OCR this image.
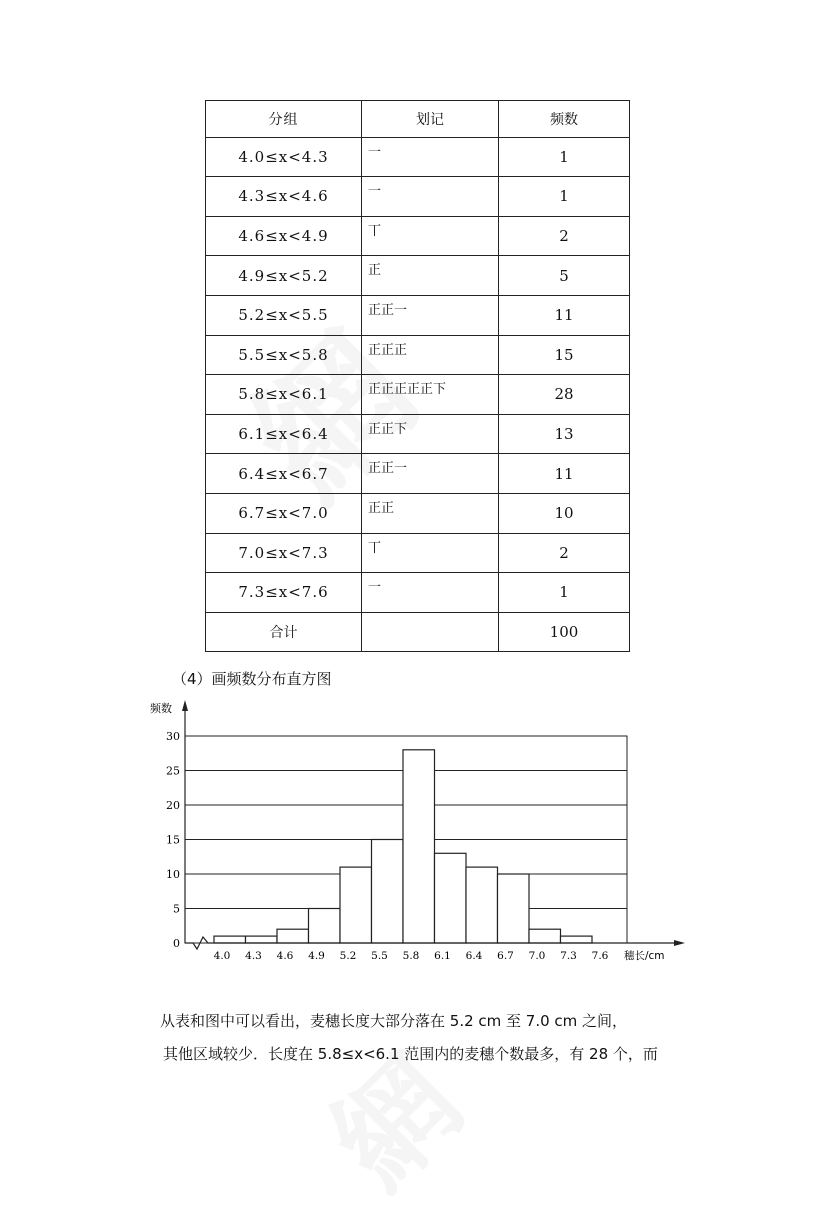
分组	划记	频数
4.0≤x<4.3	一	1
4.3≤x<4.6	一	1
4.6≤x<4.9	丅	2
4.9≤x<5.2	正	5
5.2≤x<5.5	正正一	11
5.5≤x<5.8	正正正	15
5.8≤x<6.1	正正正正正下	28
6.1≤x<6.4	正正下	13
6.4≤x<6.7	正正一	11
6.7≤x<7.0	正正	10
7.0≤x<7.3	丅	2
7.3≤x<7.6	一	1
合计		100
（4）画频数分布直方图
30
25
20
15
10
5
0
4.0 4.3 4.6 4.9 5.2 5.5 5.8 6.1 6.4 6.7 7.0 7.3 7.6
频数
穗长/cm
从表和图中可以看出，麦穗长度大部分落在 5.2 cm 至 7.0 cm 之间，
其他区域较少．长度在 5.8≤x<6.1 范围内的麦穗个数最多，有 28 个，而
